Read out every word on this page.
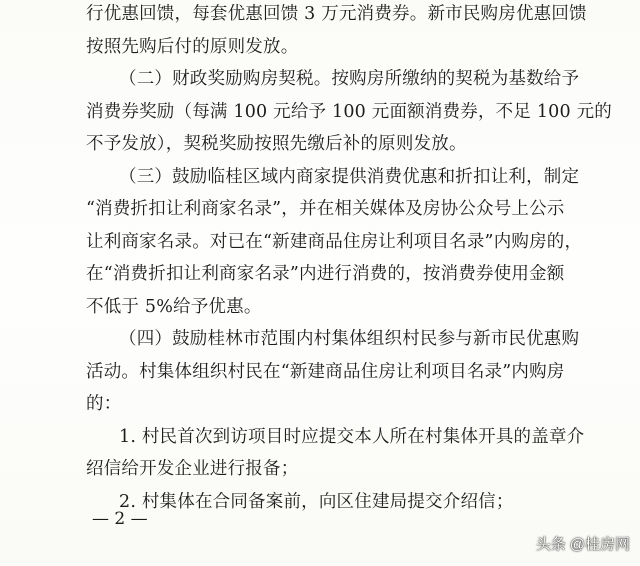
行优惠回馈，每套优惠回馈 3 万元消费券。新市民购房优惠回馈
按照先购后付的原则发放。
（二）财政奖励购房契税。按购房所缴纳的契税为基数给予
消费券奖励（每满 100 元给予 100 元面额消费券，不足 100 元的
不予发放），契税奖励按照先缴后补的原则发放。
（三）鼓励临桂区域内商家提供消费优惠和折扣让利，制定
“消费折扣让利商家名录”，并在相关媒体及房协公众号上公示
让利商家名录。对已在“新建商品住房让利项目名录”内购房的，
在“消费折扣让利商家名录”内进行消费的，按消费券使用金额
不低于 5%给予优惠。
（四）鼓励桂林市范围内村集体组织村民参与新市民优惠购
活动。村集体组织村民在“新建商品住房让利项目名录”内购房
的：
1. 村民首次到访项目时应提交本人所在村集体开具的盖章介
绍信给开发企业进行报备；
2. 村集体在合同备案前，向区住建局提交介绍信；
— 2 —
头条 @桂房网
